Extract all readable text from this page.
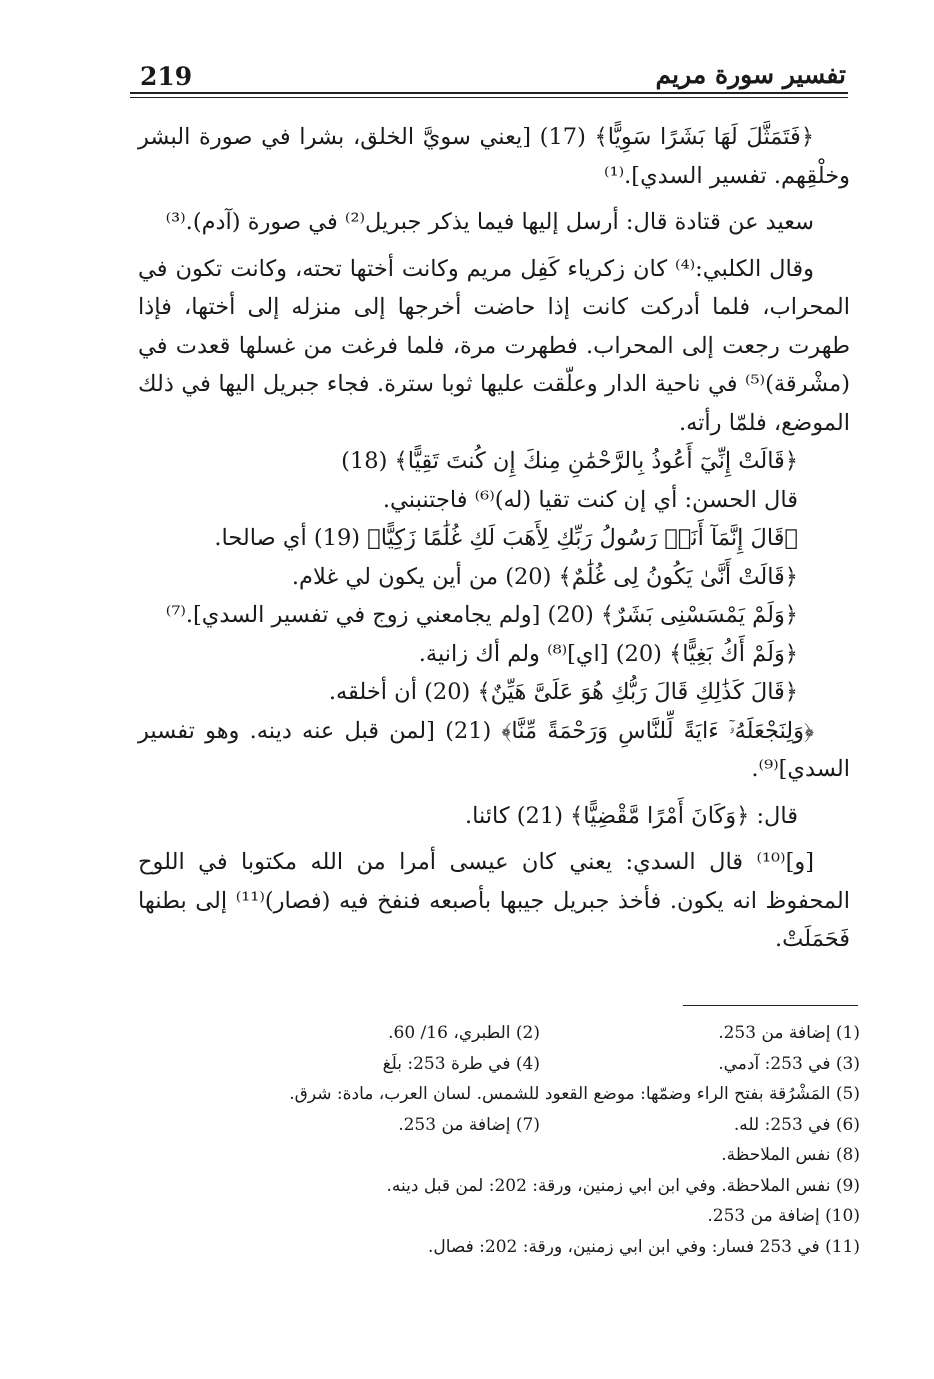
219	تفسير سورة مريم

﴿فَتَمَثَّلَ لَهَا بَشَرًا سَوِيًّا﴾ (17) [يعني سويَّ الخلق، بشرا في صورة البشر وخلْقِهم. تفسير السدي].⁽¹⁾

سعيد عن قتادة قال: أرسل إليها فيما يذكر جبريل⁽²⁾ في صورة (آدم).⁽³⁾

وقال الكلبي:⁽⁴⁾ كان زكرياء كَفِل مريم وكانت أختها تحته، وكانت تكون في المحراب، فلما أدركت كانت إذا حاضت أخرجها إلى منزله إلى أختها، فإذا طهرت رجعت إلى المحراب. فطهرت مرة، فلما فرغت من غسلها قعدت في (مشْرقة)⁽⁵⁾ في ناحية الدار وعلّقت عليها ثوبا سترة. فجاء جبريل اليها في ذلك الموضع، فلمّا رأته.

﴿قَالَتْ إِنِّيٓ أَعُوذُ بِالرَّحْمَٰنِ مِنكَ إِن كُنتَ تَقِيًّا﴾ (18)

قال الحسن: أي إن كنت تقيا (له)⁽⁶⁾ فاجتنبني.

﴿قَالَ إِنَّمَآ أَنَا۠ رَسُولُ رَبِّكِ لِأَهَبَ لَكِ غُلَٰمًا زَكِيًّا﴾ (19) أي صالحا.

﴿قَالَتْ أَنَّىٰ يَكُونُ لِى غُلَٰمٌ﴾ (20) من أين يكون لي غلام.

﴿وَلَمْ يَمْسَسْنِى بَشَرٌ﴾ (20) [ولم يجامعني زوج في تفسير السدي].⁽⁷⁾

﴿وَلَمْ أَكُ بَغِيًّا﴾ (20) [اي]⁽⁸⁾ ولم أك زانية.

﴿قَالَ كَذَٰلِكِ قَالَ رَبُّكِ هُوَ عَلَىَّ هَيِّنٌ﴾ (20) أن أخلقه.

﴿وَلِنَجْعَلَهُۥٓ ءَايَةً لِّلنَّاسِ وَرَحْمَةً مِّنَّا﴾ (21) [لمن قبل عنه دينه. وهو تفسير السدي]⁽⁹⁾.

قال: ﴿وَكَانَ أَمْرًا مَّقْضِيًّا﴾ (21) كائنا.

[و]⁽¹⁰⁾ قال السدي: يعني كان عيسى أمرا من الله مكتوبا في اللوح المحفوظ انه يكون. فأخذ جبريل جيبها بأصبعه فنفخ فيه (فصار)⁽¹¹⁾ إلى بطنها فَحَمَلَتْ.

(1) إضافة من 253.
(2) الطبري، 16/ 60.
(3) في 253: آدمي.
(4) في طرة 253: بلَغ
(5) المَشْرُقة بفتح الراء وضمّها: موضع القعود للشمس. لسان العرب، مادة: شرق.
(6) في 253: لله.
(7) إضافة من 253.
(8) نفس الملاحظة.
(9) نفس الملاحظة. وفي ابن ابي زمنين، ورقة: 202: لمن قبل دينه.
(10) إضافة من 253.
(11) في 253 فسار: وفي ابن ابي زمنين، ورقة: 202: فصال.
